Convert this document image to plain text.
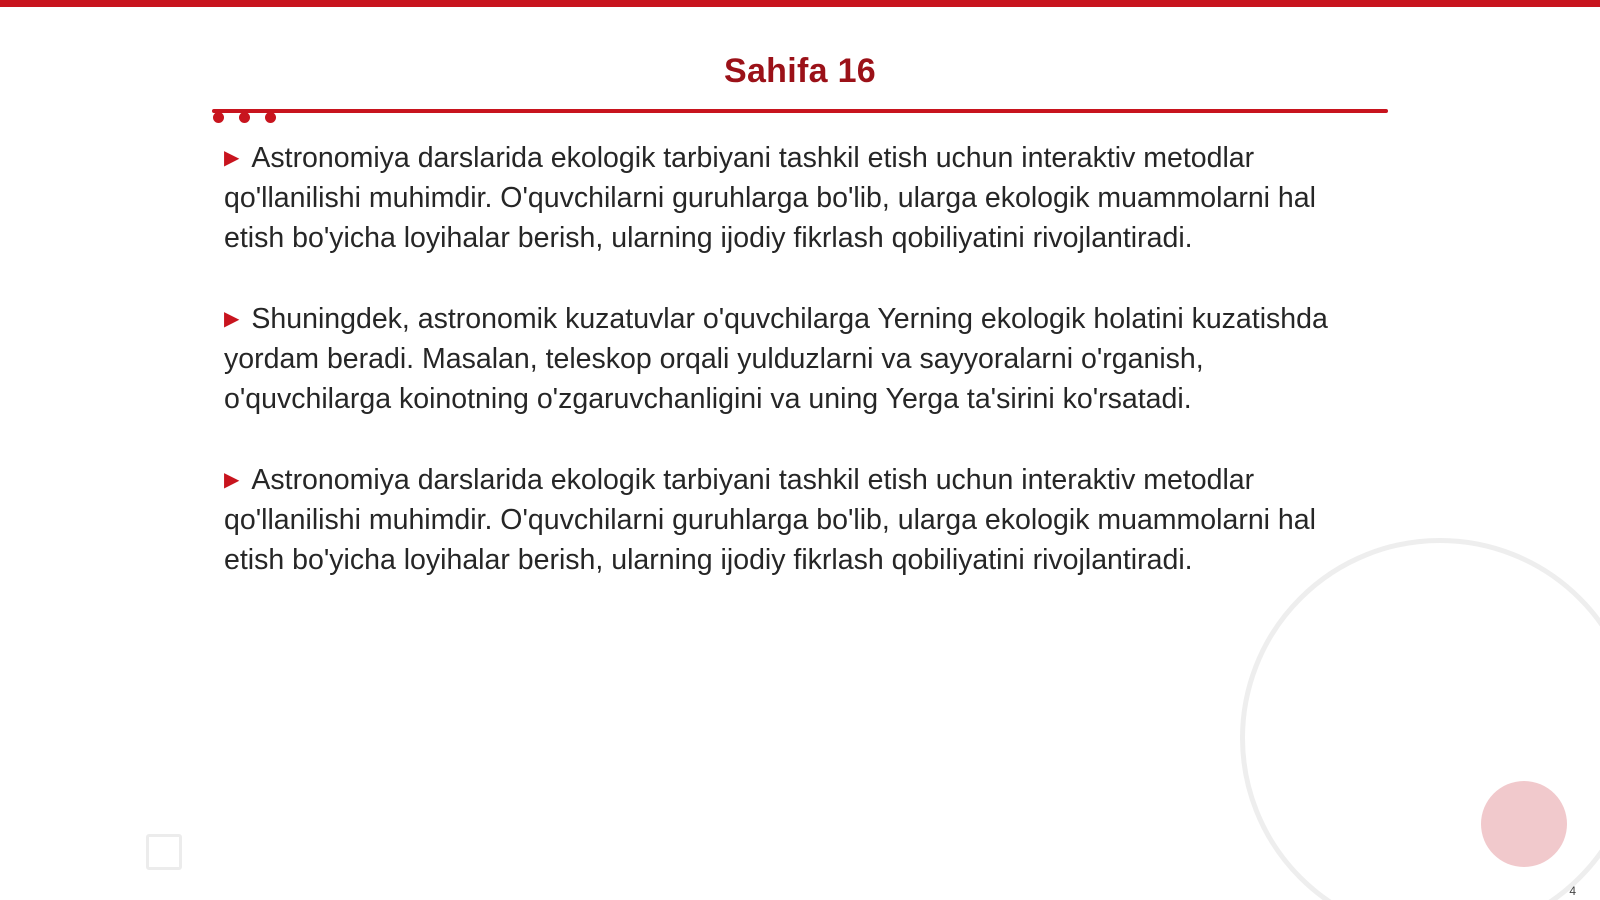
Sahifa 16

▶ Astronomiya darslarida ekologik tarbiyani tashkil etish uchun interaktiv metodlar qo'llanilishi muhimdir. O'quvchilarni guruhlarga bo'lib, ularga ekologik muammolarni hal etish bo'yicha loyihalar berish, ularning ijodiy fikrlash qobiliyatini rivojlantiradi.

▶ Shuningdek, astronomik kuzatuvlar o'quvchilarga Yerning ekologik holatini kuzatishda yordam beradi. Masalan, teleskop orqali yulduzlarni va sayyoralarni o'rganish, o'quvchilarga koinotning o'zgaruvchanligini va uning Yerga ta'sirini ko'rsatadi.

▶ Astronomiya darslarida ekologik tarbiyani tashkil etish uchun interaktiv metodlar qo'llanilishi muhimdir. O'quvchilarni guruhlarga bo'lib, ularga ekologik muammolarni hal etish bo'yicha loyihalar berish, ularning ijodiy fikrlash qobiliyatini rivojlantiradi.

4
